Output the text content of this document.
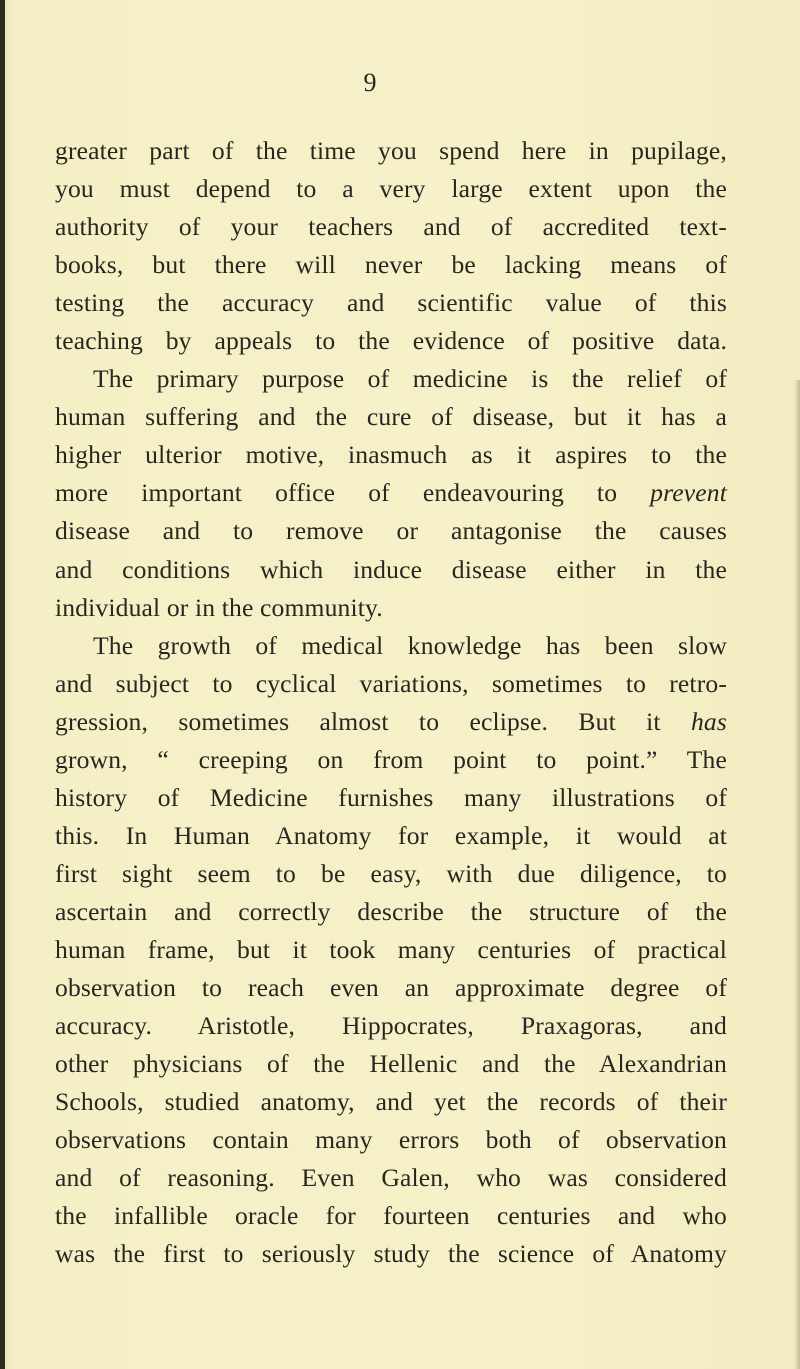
9
greater part of the time you spend here in pupilage,
you must depend to a very large extent upon the
authority of your teachers and of accredited text-
books, but there will never be lacking means of
testing the accuracy and scientific value of this
teaching by appeals to the evidence of positive data.
The primary purpose of medicine is the relief of
human suffering and the cure of disease, but it has a
higher ulterior motive, inasmuch as it aspires to the
more important office of endeavouring to prevent
disease and to remove or antagonise the causes
and conditions which induce disease either in the
individual or in the community.
The growth of medical knowledge has been slow
and subject to cyclical variations, sometimes to retro-
gression, sometimes almost to eclipse. But it has
grown, “ creeping on from point to point.” The
history of Medicine furnishes many illustrations of
this. In Human Anatomy for example, it would at
first sight seem to be easy, with due diligence, to
ascertain and correctly describe the structure of the
human frame, but it took many centuries of practical
observation to reach even an approximate degree of
accuracy. Aristotle, Hippocrates, Praxagoras, and
other physicians of the Hellenic and the Alexandrian
Schools, studied anatomy, and yet the records of their
observations contain many errors both of observation
and of reasoning. Even Galen, who was considered
the infallible oracle for fourteen centuries and who
was the first to seriously study the science of Anatomy
